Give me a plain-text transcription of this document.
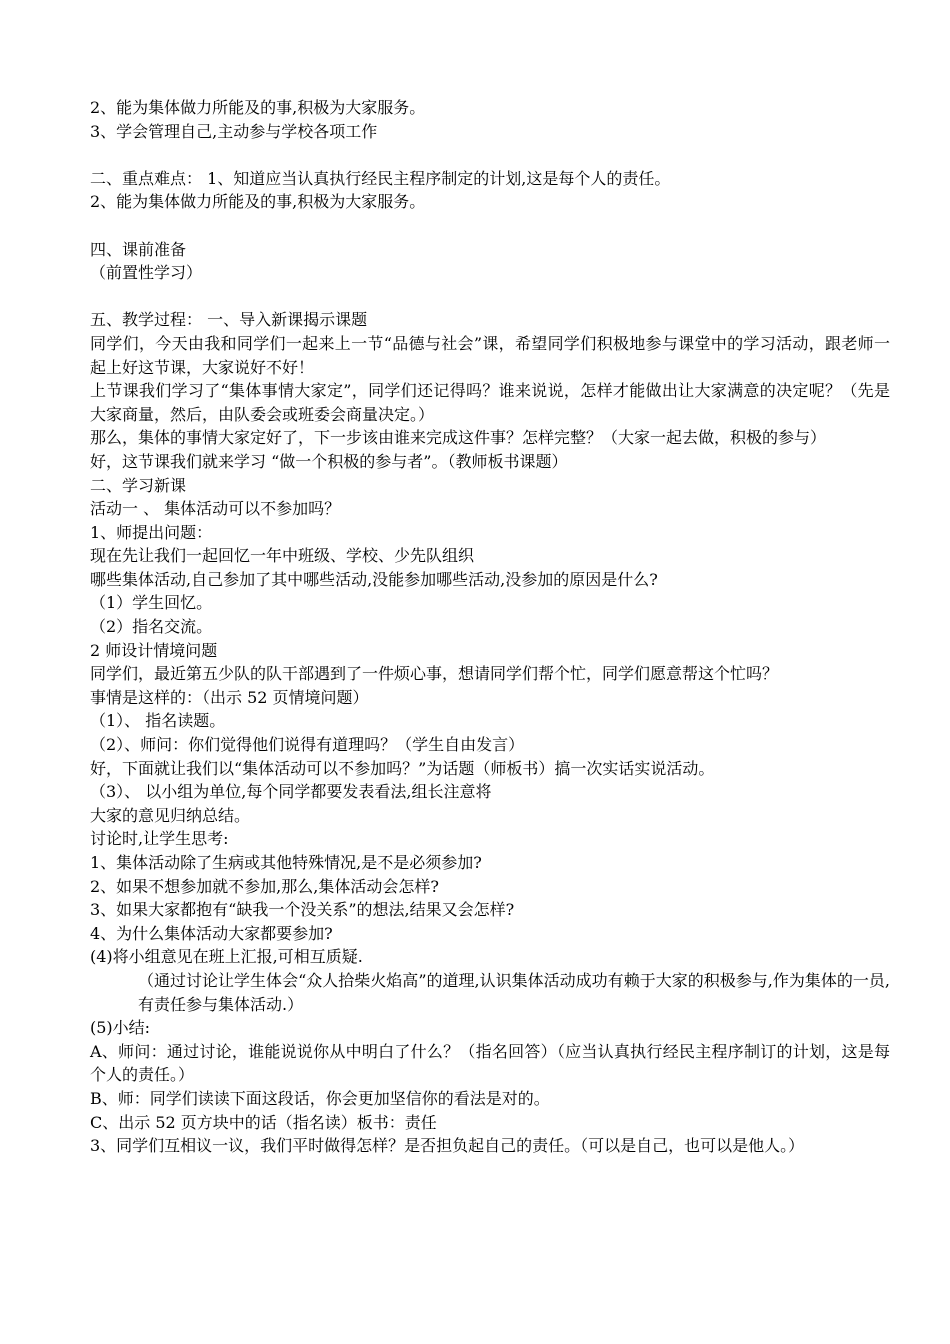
2、能为集体做力所能及的事,积极为大家服务。
3、学会管理自己,主动参与学校各项工作
二、重点难点： 1、知道应当认真执行经民主程序制定的计划,这是每个人的责任。
2、能为集体做力所能及的事,积极为大家服务。
四、课前准备
（前置性学习）
五、教学过程： 一、导入新课揭示课题
同学们，今天由我和同学们一起来上一节“品德与社会”课，希望同学们积极地参与课堂中的学习活动，跟老师一起上好这节课，大家说好不好！
上节课我们学习了“集体事情大家定”，同学们还记得吗？谁来说说，怎样才能做出让大家满意的决定呢？（先是大家商量，然后，由队委会或班委会商量决定。）
那么，集体的事情大家定好了，下一步该由谁来完成这件事？怎样完整？（大家一起去做，积极的参与）
好，这节课我们就来学习 “做一个积极的参与者”。（教师板书课题）
二、学习新课
活动一 、 集体活动可以不参加吗？
1、师提出问题：
现在先让我们一起回忆一年中班级、学校、少先队组织
哪些集体活动,自己参加了其中哪些活动,没能参加哪些活动,没参加的原因是什么?
（1）学生回忆。
（2）指名交流。
2 师设计情境问题
同学们，最近第五少队的队干部遇到了一件烦心事，想请同学们帮个忙，同学们愿意帮这个忙吗？
事情是这样的：（出示 52 页情境问题）
（1）、 指名读题。
（2）、师问：你们觉得他们说得有道理吗？（学生自由发言）
好，下面就让我们以“集体活动可以不参加吗？”为话题（师板书）搞一次实话实说活动。
（3）、 以小组为单位,每个同学都要发表看法,组长注意将
大家的意见归纳总结。
讨论时,让学生思考:
1、集体活动除了生病或其他特殊情况,是不是必须参加?
2、如果不想参加就不参加,那么,集体活动会怎样?
3、如果大家都抱有“缺我一个没关系”的想法,结果又会怎样?
4、为什么集体活动大家都要参加?
(4)将小组意见在班上汇报,可相互质疑.
（通过讨论让学生体会“众人拾柴火焰高”的道理,认识集体活动成功有赖于大家的积极参与,作为集体的一员,有责任参与集体活动.）
(5)小结:
A、师问：通过讨论，谁能说说你从中明白了什么？（指名回答）（应当认真执行经民主程序制订的计划，这是每个人的责任。）
B、师：同学们读读下面这段话，你会更加坚信你的看法是对的。
C、出示 52 页方块中的话（指名读）板书：责任
3、同学们互相议一议，我们平时做得怎样？是否担负起自己的责任。（可以是自己，也可以是他人。）
